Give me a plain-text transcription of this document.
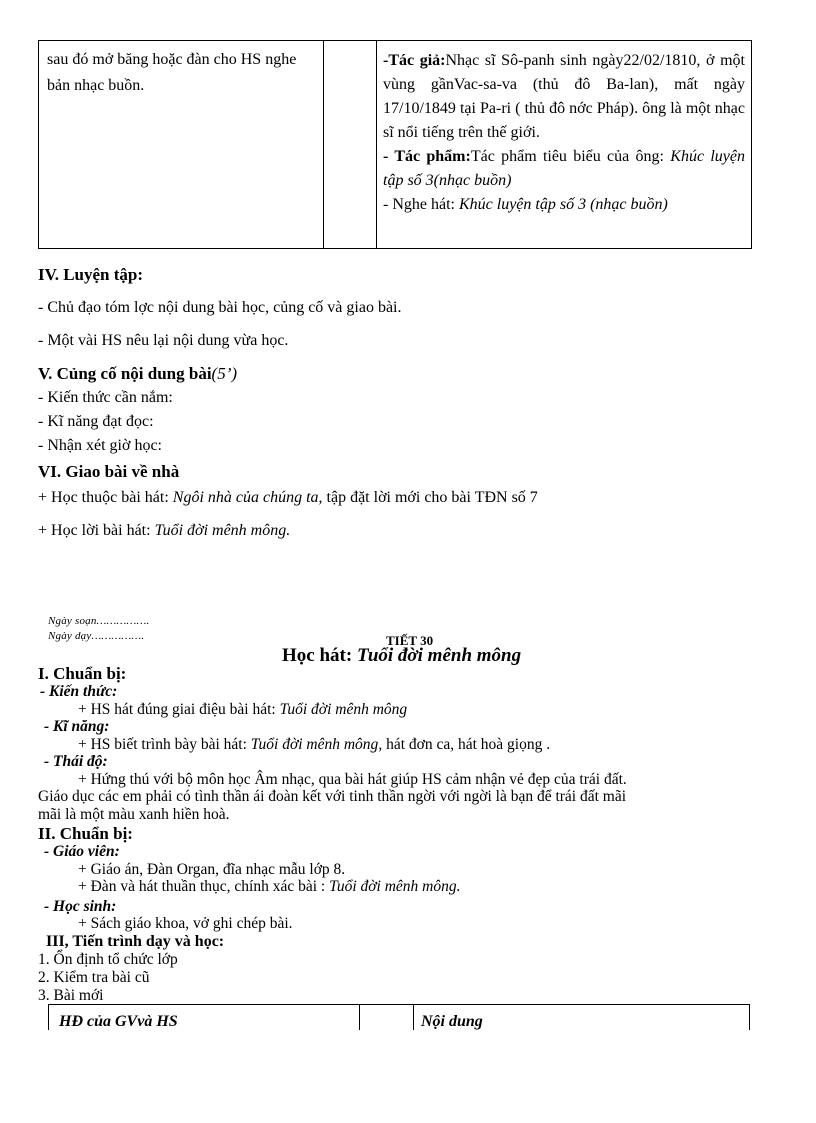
sau đó mở băng hoặc đàn cho HS nghe bản nhạc buồn.
-Tác giả:Nhạc sĩ Sô-panh sinh ngày22/02/1810, ở một vùng gầnVac-sa-va (thủ đô Ba-lan), mất ngày 17/10/1849 tại Pa-ri ( thủ đô nớc Pháp). ông là một nhạc sĩ nổi tiếng trên thế giới.
- Tác phẩm:Tác phẩm tiêu biểu của ông: Khúc luyện tập số 3(nhạc buồn)
- Nghe hát: Khúc luyện tập số 3 (nhạc buồn)
IV. Luyện tập:
- Chủ đạo tóm lợc nội dung bài học, củng cố và giao bài.
- Một vài HS nêu lại nội dung vừa học.
V. Củng cố nội dung bài(5’)
- Kiến thức cần nắm:
- Kĩ năng đạt đọc:
- Nhận xét giờ học:
VI. Giao bài về nhà
+ Học thuộc bài hát: Ngôi nhà của chúng ta, tập đặt lời mới cho bài TĐN số 7
+ Học lời bài hát: Tuổi đời mênh mông.
Ngày soạn…………….
Ngày dạy…………….	TIẾT 30
Học hát: Tuổi đời mênh mông
I. Chuẩn bị:
- Kiến thức:
+ HS hát đúng giai điệu bài hát: Tuổi đời mênh mông
- Kĩ năng:
+ HS biết trình bày bài hát: Tuổi đời mênh mông, hát đơn ca, hát hoà giọng .
- Thái độ:
+ Hứng thú với bộ môn học Âm nhạc, qua bài hát giúp HS cảm nhận vẻ đẹp của trái đất.
Giáo dục các em phải có tình thần ái đoàn kết với tinh thần ngời với ngời là bạn để trái đất mãi
mãi là một màu xanh hiền hoà.
II. Chuẩn bị:
- Giáo viên:
+ Giáo án, Đàn Organ, đĩa nhạc mẫu lớp 8.
+ Đàn và hát thuần thục, chính xác bài : Tuổi đời mênh mông.
- Học sinh:
+ Sách giáo khoa, vở ghi chép bài.
III, Tiến trình dạy và học:
1. Ổn định tổ chức lớp
2. Kiểm tra bài cũ
3. Bài mới
HĐ của GVvà HS	Nội dung
